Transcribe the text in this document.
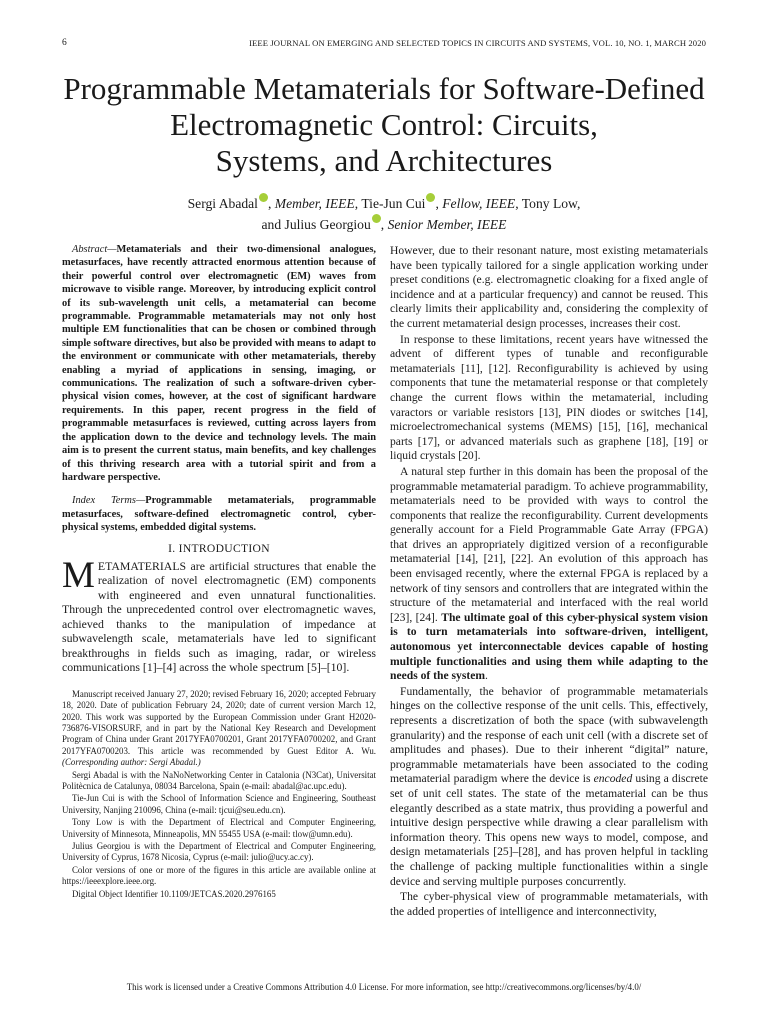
6	IEEE JOURNAL ON EMERGING AND SELECTED TOPICS IN CIRCUITS AND SYSTEMS, VOL. 10, NO. 1, MARCH 2020
Programmable Metamaterials for Software-Defined
Electromagnetic Control: Circuits,
Systems, and Architectures
Sergi Abadal , Member, IEEE, Tie-Jun Cui , Fellow, IEEE, Tony Low,
and Julius Georgiou , Senior Member, IEEE

Abstract—Metamaterials and their two-dimensional analogues, metasurfaces, have recently attracted enormous attention because of their powerful control over electromagnetic (EM) waves from microwave to visible range. Moreover, by introducing explicit control of its sub-wavelength unit cells, a metamaterial can become programmable. Programmable metamaterials may not only host multiple EM functionalities that can be chosen or combined through simple software directives, but also be provided with means to adapt to the environment or communicate with other metamaterials, thereby enabling a myriad of applications in sensing, imaging, or communications. The realization of such a software-driven cyber-physical vision comes, however, at the cost of significant hardware requirements. In this paper, recent progress in the field of programmable metasurfaces is reviewed, cutting across layers from the application down to the device and technology levels. The main aim is to present the current status, main benefits, and key challenges of this thriving research area with a tutorial spirit and from a hardware perspective.

Index Terms—Programmable metamaterials, programmable metasurfaces, software-defined electromagnetic control, cyber-physical systems, embedded digital systems.

I. INTRODUCTION

METAMATERIALS are artificial structures that enable the realization of novel electromagnetic (EM) components with engineered and even unnatural functionalities. Through the unprecedented control over electromagnetic waves, achieved thanks to the manipulation of impedance at subwavelength scale, metamaterials have led to significant breakthroughs in fields such as imaging, radar, or wireless communications [1]–[4] across the whole spectrum [5]–[10].

Manuscript received January 27, 2020; revised February 16, 2020; accepted February 18, 2020. Date of publication February 24, 2020; date of current version March 12, 2020. This work was supported by the European Commission under Grant H2020-736876-VISORSURF, and in part by the National Key Research and Development Program of China under Grant 2017YFA0700201, Grant 2017YFA0700202, and Grant 2017YFA0700203. This article was recommended by Guest Editor A. Wu. (Corresponding author: Sergi Abadal.)

Sergi Abadal is with the NaNoNetworking Center in Catalonia (N3Cat), Universitat Politècnica de Catalunya, 08034 Barcelona, Spain (e-mail: abadal@ac.upc.edu).

Tie-Jun Cui is with the School of Information Science and Engineering, Southeast University, Nanjing 210096, China (e-mail: tjcui@seu.edu.cn).

Tony Low is with the Department of Electrical and Computer Engineering, University of Minnesota, Minneapolis, MN 55455 USA (e-mail: tlow@umn.edu).

Julius Georgiou is with the Department of Electrical and Computer Engineering, University of Cyprus, 1678 Nicosia, Cyprus (e-mail: julio@ucy.ac.cy).

Color versions of one or more of the figures in this article are available online at https://ieeexplore.ieee.org.

Digital Object Identifier 10.1109/JETCAS.2020.2976165

However, due to their resonant nature, most existing metamaterials have been typically tailored for a single application working under preset conditions (e.g. electromagnetic cloaking for a fixed angle of incidence and at a particular frequency) and cannot be reused. This clearly limits their applicability and, considering the complexity of the current metamaterial design processes, increases their cost.

In response to these limitations, recent years have witnessed the advent of different types of tunable and reconfigurable metamaterials [11], [12]. Reconfigurability is achieved by using components that tune the metamaterial response or that completely change the current flows within the metamaterial, including varactors or variable resistors [13], PIN diodes or switches [14], microelectromechanical systems (MEMS) [15], [16], mechanical parts [17], or advanced materials such as graphene [18], [19] or liquid crystals [20].

A natural step further in this domain has been the proposal of the programmable metamaterial paradigm. To achieve programmability, metamaterials need to be provided with ways to control the components that realize the reconfigurability. Current developments generally account for a Field Programmable Gate Array (FPGA) that drives an appropriately digitized version of a reconfigurable metamaterial [14], [21], [22]. An evolution of this approach has been envisaged recently, where the external FPGA is replaced by a network of tiny sensors and controllers that are integrated within the structure of the metamaterial and interfaced with the real world [23], [24]. The ultimate goal of this cyber-physical system vision is to turn metamaterials into software-driven, intelligent, autonomous yet interconnectable devices capable of hosting multiple functionalities and using them while adapting to the needs of the system.

Fundamentally, the behavior of programmable metamaterials hinges on the collective response of the unit cells. This, effectively, represents a discretization of both the space (with subwavelength granularity) and the response of each unit cell (with a discrete set of amplitudes and phases). Due to their inherent “digital” nature, programmable metamaterials have been associated to the coding metamaterial paradigm where the device is encoded using a discrete set of unit cell states. The state of the metamaterial can be thus elegantly described as a state matrix, thus providing a powerful and intuitive design perspective while drawing a clear parallelism with information theory. This opens new ways to model, compose, and design metamaterials [25]–[28], and has proven helpful in tackling the challenge of packing multiple functionalities within a single device and serving multiple purposes concurrently.

The cyber-physical view of programmable metamaterials, with the added properties of intelligence and interconnectivity,

This work is licensed under a Creative Commons Attribution 4.0 License. For more information, see http://creativecommons.org/licenses/by/4.0/
